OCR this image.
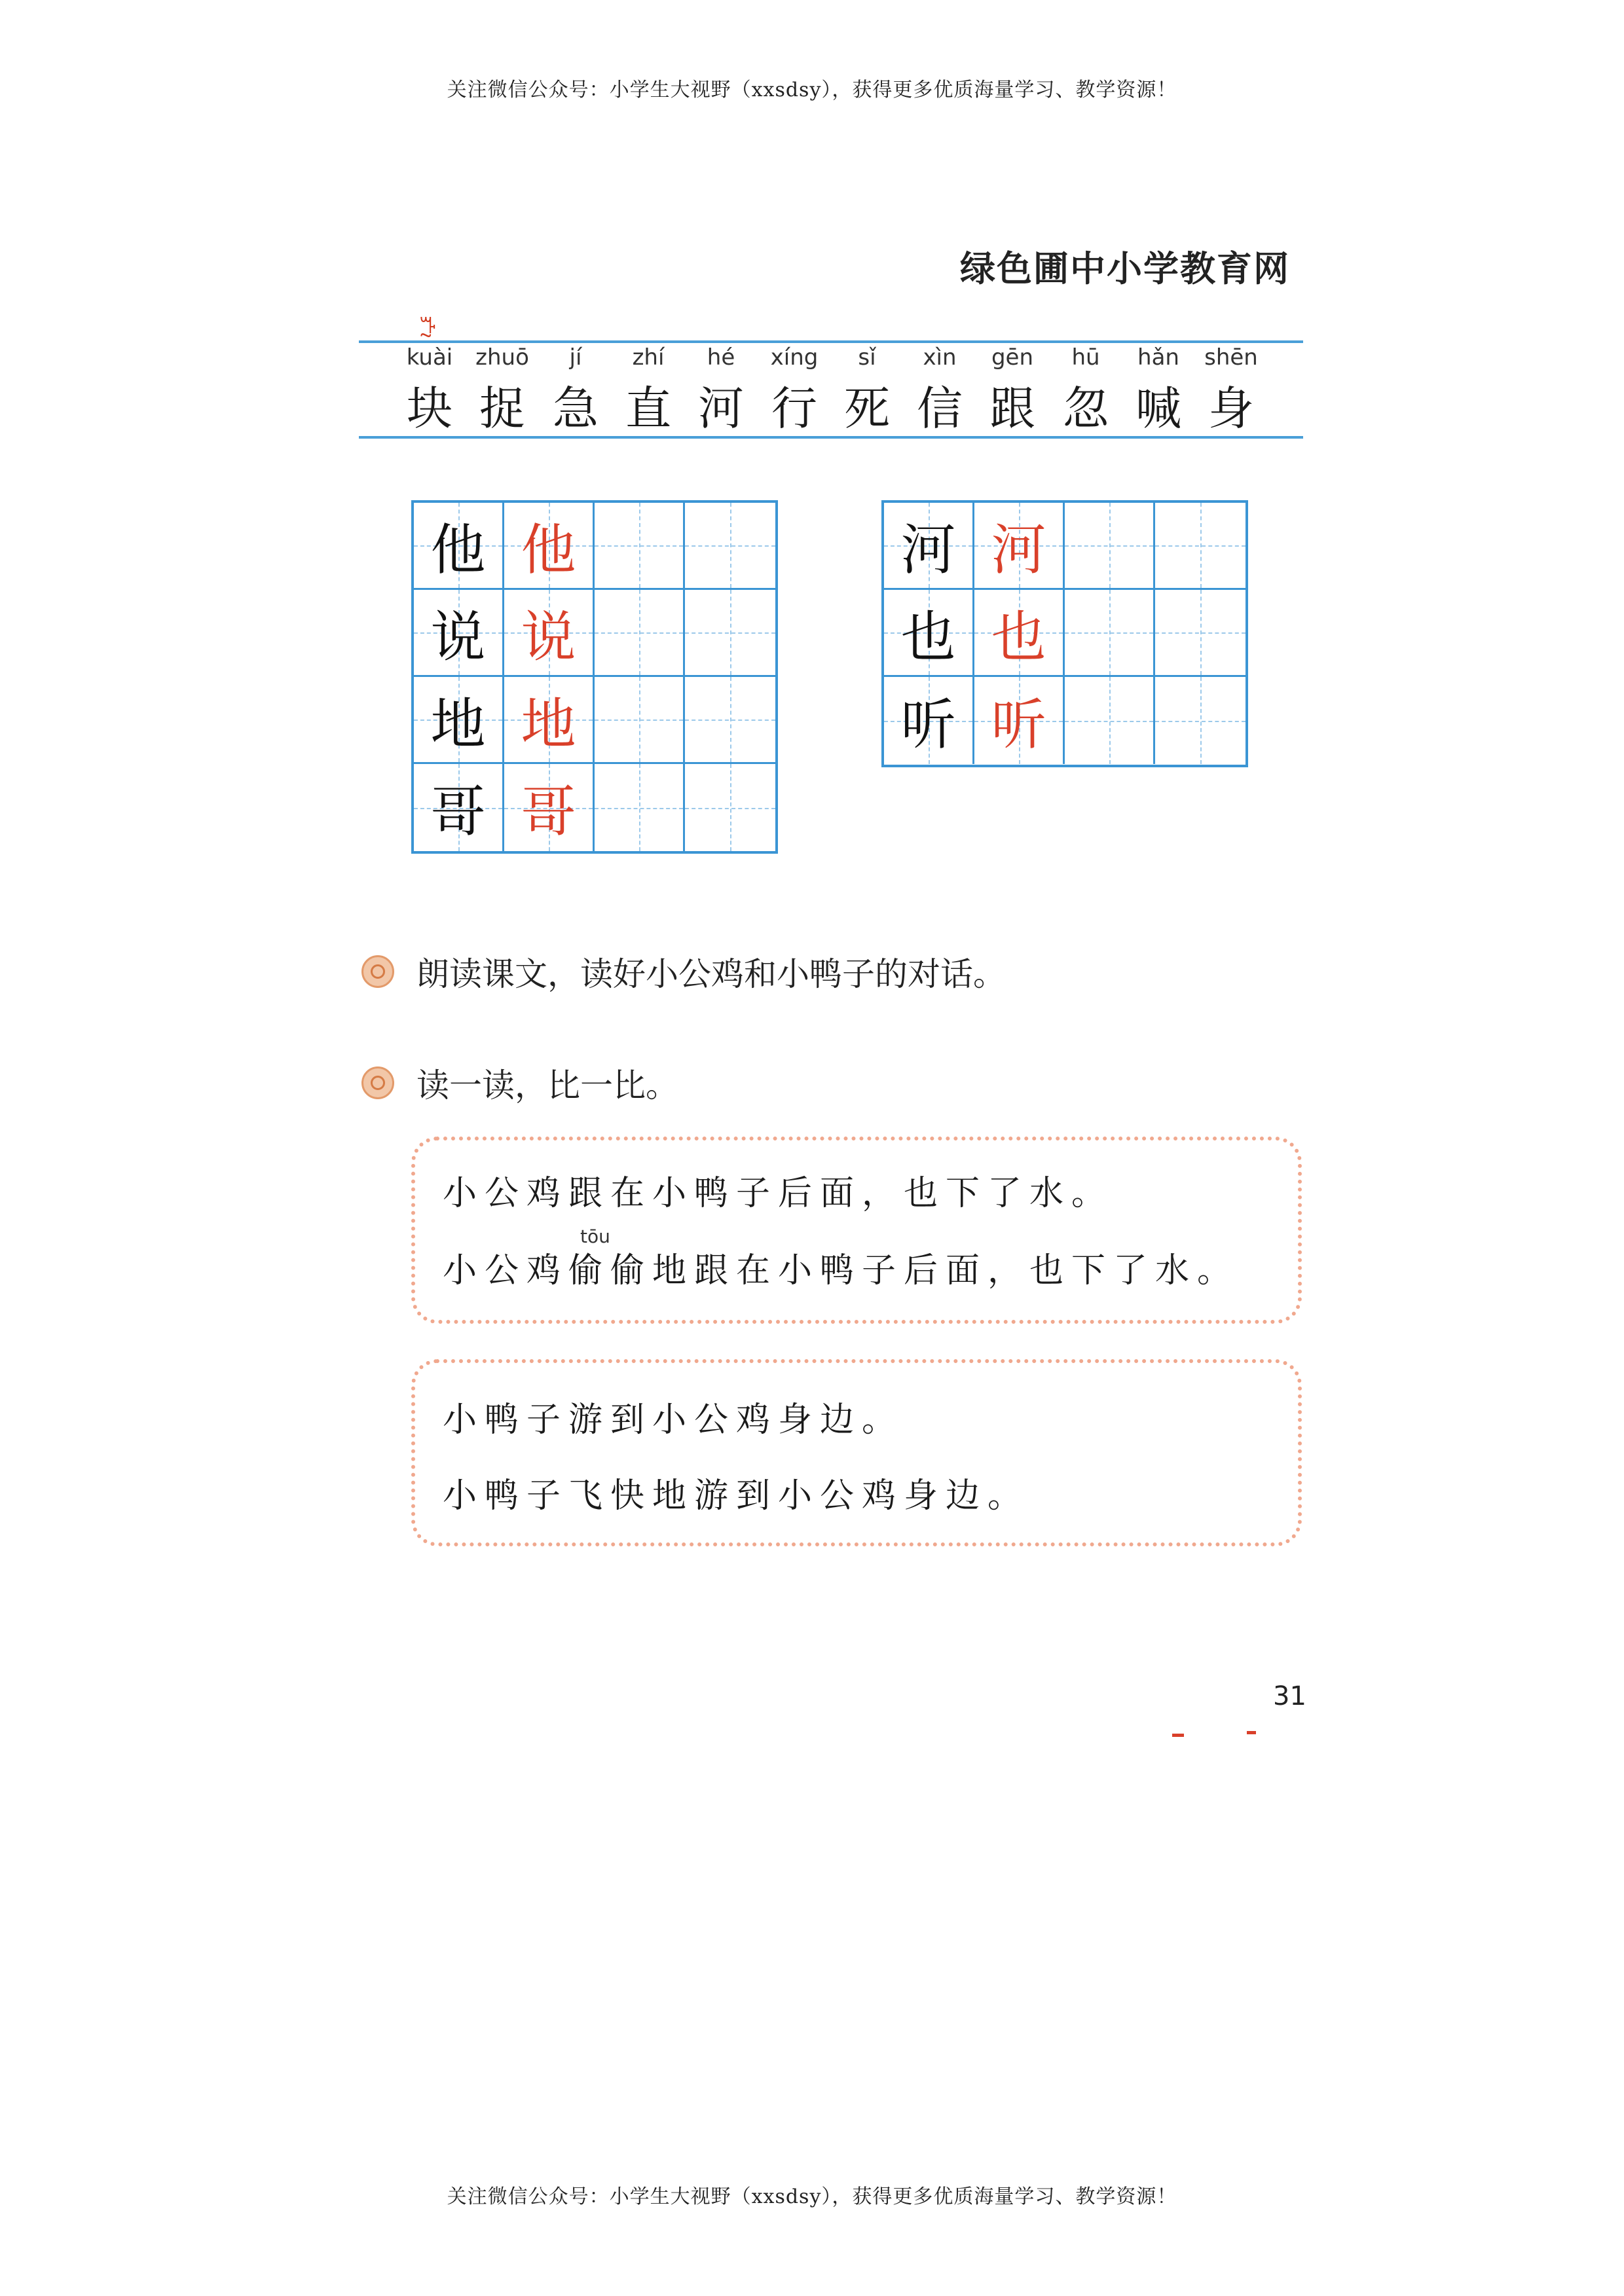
关注微信公众号：小学生大视野（xxsdsy），获得更多优质海量学习、教学资源！
绿色圃中小学教育网
ꔓ
kuài
块
zhuō
捉
jí
急
zhí
直
hé
河
xíng
行
sǐ
死
xìn
信
gēn
跟
hū
忽
hǎn
喊
shēn
身
他 他
说 说
地 地
哥 哥
河 河
也 也
听 听
朗读课文，读好小公鸡和小鸭子的对话。
读一读，比一比。
小公鸡跟在小鸭子后面，也下了水。
tōu
小公鸡偷偷地跟在小鸭子后面，也下了水。
小鸭子游到小公鸡身边。
小鸭子飞快地游到小公鸡身边。
31
关注微信公众号：小学生大视野（xxsdsy），获得更多优质海量学习、教学资源！
